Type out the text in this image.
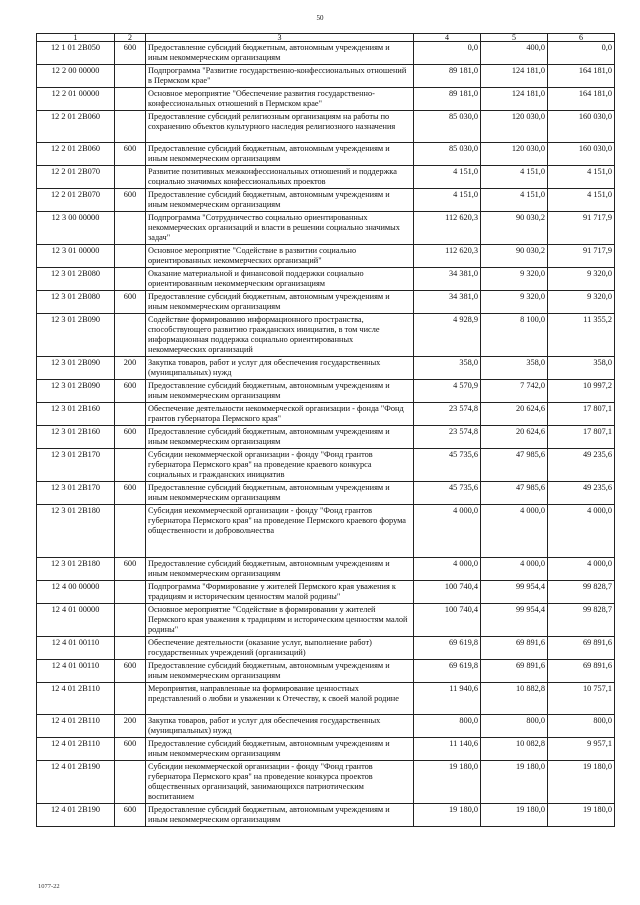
50
1	2	3	4	5	6
12 1 01 2B050	600	Предоставление субсидий бюджетным, автономным учреждениям и иным некоммерческим организациям	0,0	400,0	0,0
12 2 00 00000		Подпрограмма "Развитие государственно-конфессиональных отношений в Пермском крае"	89 181,0	124 181,0	164 181,0
12 2 01 00000		Основное мероприятие "Обеспечение развития государственно-конфессиональных отношений в Пермском крае"	89 181,0	124 181,0	164 181,0
12 2 01 2B060		Предоставление субсидий религиозным организациям на работы по сохранению объектов культурного наследия религиозного назначения	85 030,0	120 030,0	160 030,0
12 2 01 2B060	600	Предоставление субсидий бюджетным, автономным учреждениям и иным некоммерческим организациям	85 030,0	120 030,0	160 030,0
12 2 01 2B070		Развитие позитивных межконфессиональных отношений и поддержка социально значимых конфессиональных проектов	4 151,0	4 151,0	4 151,0
12 2 01 2B070	600	Предоставление субсидий бюджетным, автономным учреждениям и иным некоммерческим организациям	4 151,0	4 151,0	4 151,0
12 3 00 00000		Подпрограмма "Сотрудничество социально ориентированных некоммерческих организаций и власти в решении социально значимых задач"	112 620,3	90 030,2	91 717,9
12 3 01 00000		Основное мероприятие "Содействие в развитии социально ориентированных некоммерческих организаций"	112 620,3	90 030,2	91 717,9
12 3 01 2B080		Оказание материальной и финансовой поддержки социально ориентированным некоммерческим организациям	34 381,0	9 320,0	9 320,0
12 3 01 2B080	600	Предоставление субсидий бюджетным, автономным учреждениям и иным некоммерческим организациям	34 381,0	9 320,0	9 320,0
12 3 01 2B090		Содействие формированию информационного пространства, способствующего развитию гражданских инициатив, в том числе информационная поддержка социально ориентированных некоммерческих организаций	4 928,9	8 100,0	11 355,2
12 3 01 2B090	200	Закупка товаров, работ и услуг для обеспечения государственных (муниципальных) нужд	358,0	358,0	358,0
12 3 01 2B090	600	Предоставление субсидий бюджетным, автономным учреждениям и иным некоммерческим организациям	4 570,9	7 742,0	10 997,2
12 3 01 2B160		Обеспечение деятельности некоммерческой организации - фонда "Фонд грантов губернатора Пермского края"	23 574,8	20 624,6	17 807,1
12 3 01 2B160	600	Предоставление субсидий бюджетным, автономным учреждениям и иным некоммерческим организациям	23 574,8	20 624,6	17 807,1
12 3 01 2B170		Субсидии некоммерческой организации - фонду "Фонд грантов губернатора Пермского края" на проведение краевого конкурса социальных и гражданских инициатив	45 735,6	47 985,6	49 235,6
12 3 01 2B170	600	Предоставление субсидий бюджетным, автономным учреждениям и иным некоммерческим организациям	45 735,6	47 985,6	49 235,6
12 3 01 2B180		Субсидия некоммерческой организации - фонду "Фонд грантов губернатора Пермского края" на проведение Пермского краевого форума общественности и добровольчества	4 000,0	4 000,0	4 000,0
12 3 01 2B180	600	Предоставление субсидий бюджетным, автономным учреждениям и иным некоммерческим организациям	4 000,0	4 000,0	4 000,0
12 4 00 00000		Подпрограмма "Формирование у жителей Пермского края уважения к традициям и историческим ценностям малой родины"	100 740,4	99 954,4	99 828,7
12 4 01 00000		Основное мероприятие "Содействие в формировании у жителей Пермского края уважения к традициям и историческим ценностям малой родины"	100 740,4	99 954,4	99 828,7
12 4 01 00110		Обеспечение деятельности (оказание услуг, выполнение работ) государственных учреждений (организаций)	69 619,8	69 891,6	69 891,6
12 4 01 00110	600	Предоставление субсидий бюджетным, автономным учреждениям и иным некоммерческим организациям	69 619,8	69 891,6	69 891,6
12 4 01 2B110		Мероприятия, направленные на формирование ценностных представлений о любви и уважении к Отечеству, к своей малой родине	11 940,6	10 882,8	10 757,1
12 4 01 2B110	200	Закупка товаров, работ и услуг для обеспечения государственных (муниципальных) нужд	800,0	800,0	800,0
12 4 01 2B110	600	Предоставление субсидий бюджетным, автономным учреждениям и иным некоммерческим организациям	11 140,6	10 082,8	9 957,1
12 4 01 2B190		Субсидии некоммерческой организации - фонду "Фонд грантов губернатора Пермского края" на проведение конкурса проектов общественных организаций, занимающихся патриотическим воспитанием	19 180,0	19 180,0	19 180,0
12 4 01 2B190	600	Предоставление субсидий бюджетным, автономным учреждениям и иным некоммерческим организациям	19 180,0	19 180,0	19 180,0
1077-22
